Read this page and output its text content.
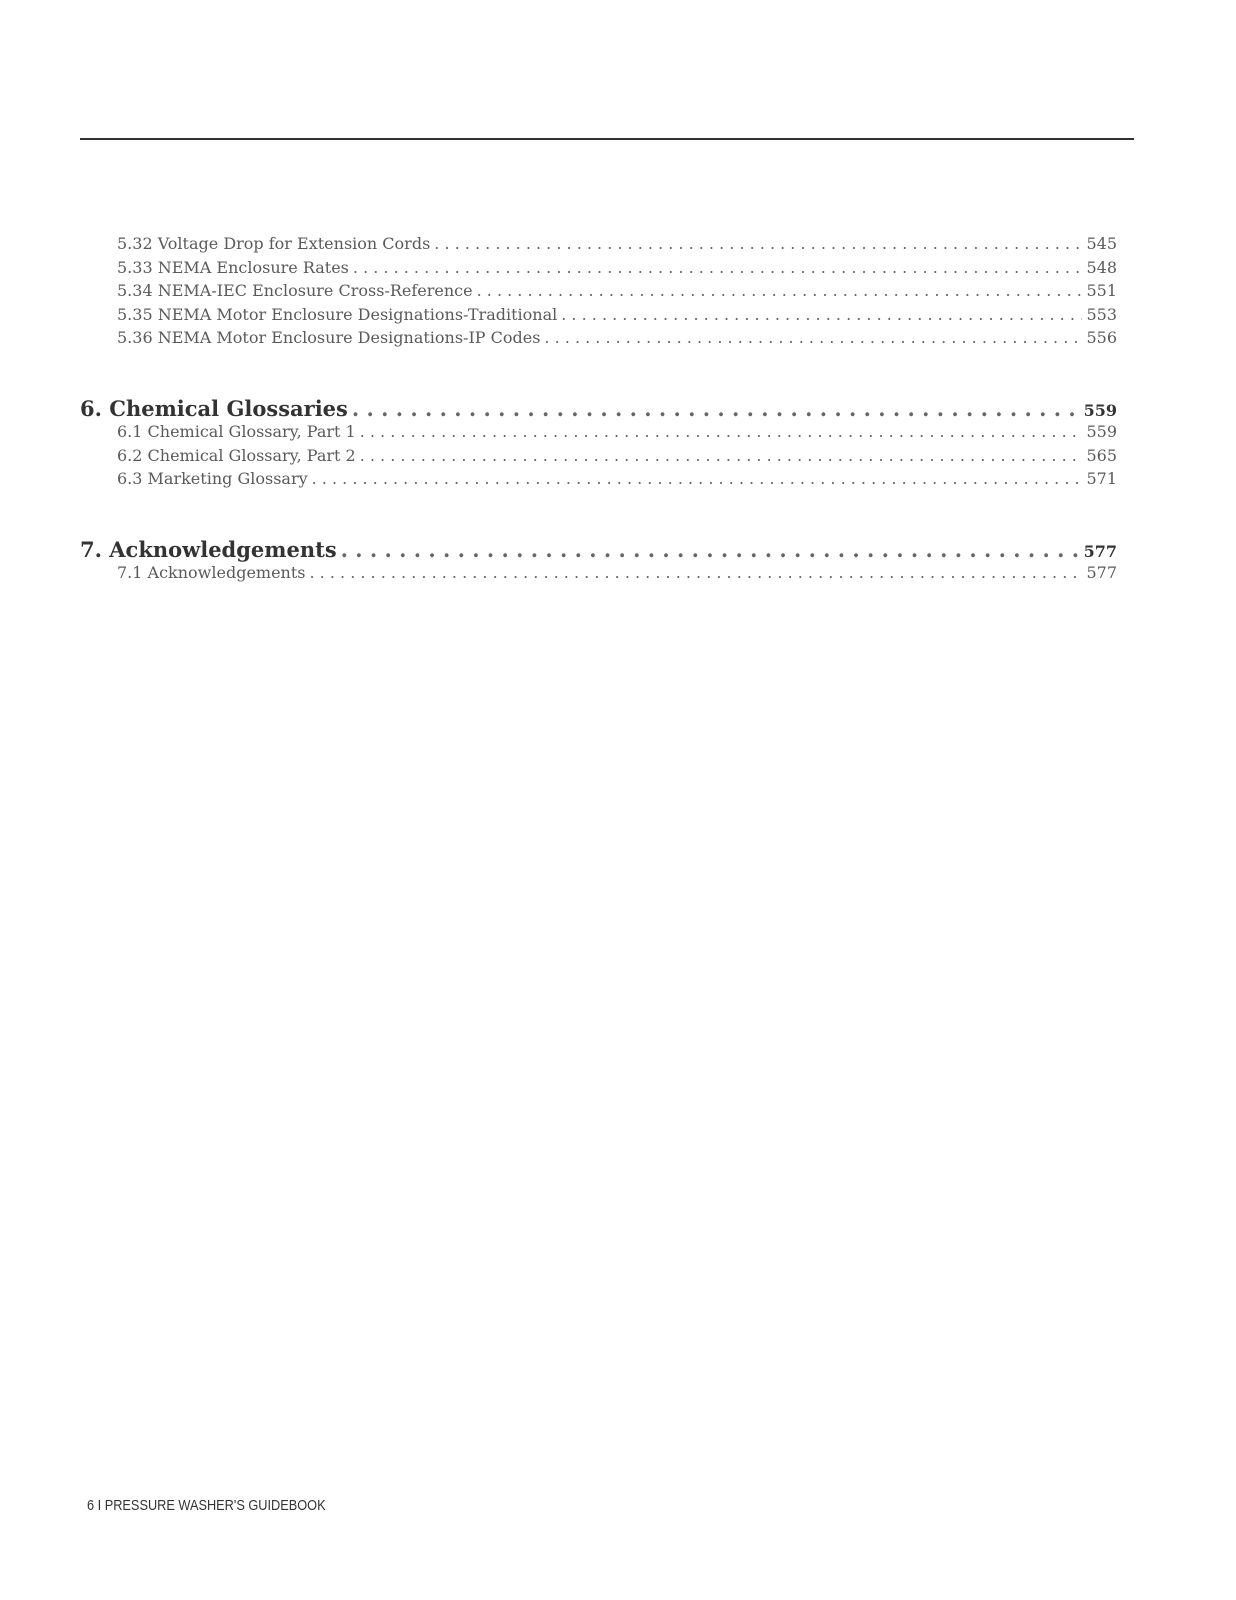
5.32 Voltage Drop for Extension Cords . . .	545
5.33 NEMA Enclosure Rates . . .	548
5.34 NEMA-IEC Enclosure Cross-Reference . . .	551
5.35 NEMA Motor Enclosure Designations-Traditional . . .	553
5.36 NEMA Motor Enclosure Designations-IP Codes . . .	556
6. Chemical Glossaries . . .	559
6.1 Chemical Glossary, Part 1 . . .	559
6.2 Chemical Glossary, Part 2 . . .	565
6.3 Marketing Glossary . . .	571
7. Acknowledgements . . .	577
7.1 Acknowledgements . . .	577
6 I PRESSURE WASHER'S GUIDEBOOK
